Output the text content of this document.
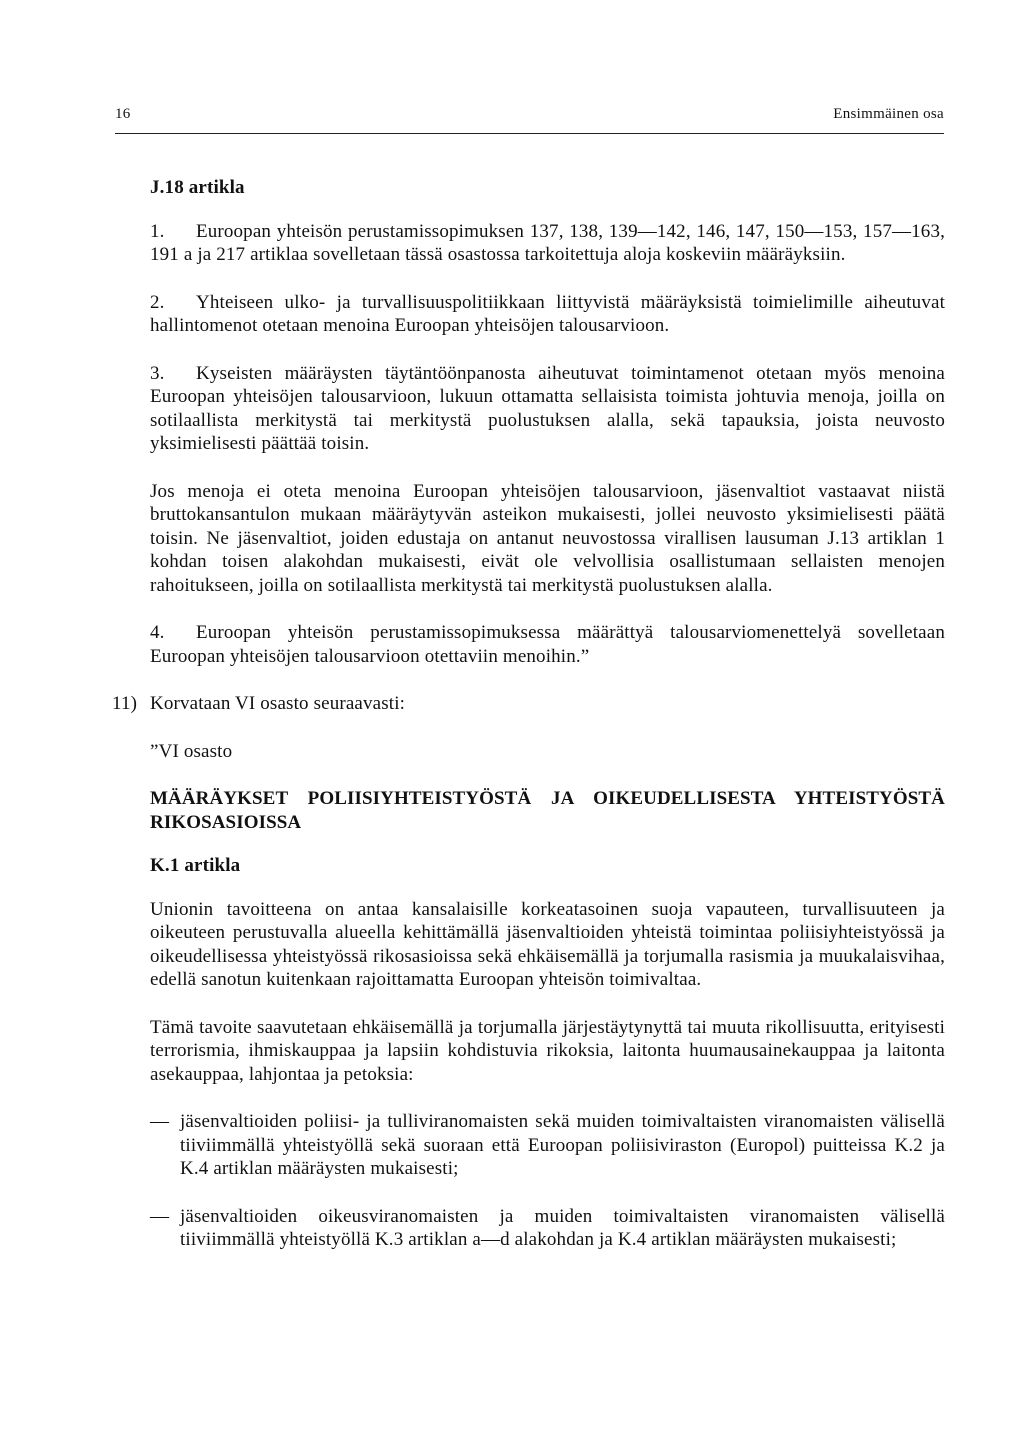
16	Ensimmäinen osa

J.18 artikla

1. Euroopan yhteisön perustamissopimuksen 137, 138, 139—142, 146, 147, 150—153, 157—163, 191 a ja 217 artiklaa sovelletaan tässä osastossa tarkoitettuja aloja koskeviin määräyksiin.

2. Yhteiseen ulko- ja turvallisuuspolitiikkaan liittyvistä määräyksistä toimielimille aiheutuvat hallintomenot otetaan menoina Euroopan yhteisöjen talousarvioon.

3. Kyseisten määräysten täytäntöönpanosta aiheutuvat toimintamenot otetaan myös menoina Euroopan yhteisöjen talousarvioon, lukuun ottamatta sellaisista toimista johtuvia menoja, joilla on sotilaallista merkitystä tai merkitystä puolustuksen alalla, sekä tapauksia, joista neuvosto yksimielisesti päättää toisin.

Jos menoja ei oteta menoina Euroopan yhteisöjen talousarvioon, jäsenvaltiot vastaavat niistä bruttokansantulon mukaan määräytyvän asteikon mukaisesti, jollei neuvosto yksimielisesti päätä toisin. Ne jäsenvaltiot, joiden edustaja on antanut neuvostossa virallisen lausuman J.13 artiklan 1 kohdan toisen alakohdan mukaisesti, eivät ole velvollisia osallistumaan sellaisten menojen rahoitukseen, joilla on sotilaallista merkitystä tai merkitystä puolustuksen alalla.

4. Euroopan yhteisön perustamissopimuksessa määrättyä talousarviomenettelyä sovelletaan Euroopan yhteisöjen talousarvioon otettaviin menoihin.”

11) Korvataan VI osasto seuraavasti:

”VI osasto

MÄÄRÄYKSET POLIISIYHTEISTYÖSTÄ JA OIKEUDELLISESTA YHTEISTYÖSTÄ RIKOSASIOISSA

K.1 artikla

Unionin tavoitteena on antaa kansalaisille korkeatasoinen suoja vapauteen, turvallisuuteen ja oikeuteen perustuvalla alueella kehittämällä jäsenvaltioiden yhteistä toimintaa poliisiyhteistyössä ja oikeudellisessa yhteistyössä rikosasioissa sekä ehkäisemällä ja torjumalla rasismia ja muukalaisvihaa, edellä sanotun kuitenkaan rajoittamatta Euroopan yhteisön toimivaltaa.

Tämä tavoite saavutetaan ehkäisemällä ja torjumalla järjestäytynyttä tai muuta rikollisuutta, erityisesti terrorismia, ihmiskauppaa ja lapsiin kohdistuvia rikoksia, laitonta huumausainekauppaa ja laitonta asekauppaa, lahjontaa ja petoksia:

— jäsenvaltioiden poliisi- ja tulliviranomaisten sekä muiden toimivaltaisten viranomaisten välisellä tiiviimmällä yhteistyöllä sekä suoraan että Euroopan poliisiviraston (Europol) puitteissa K.2 ja K.4 artiklan määräysten mukaisesti;
— jäsenvaltioiden oikeusviranomaisten ja muiden toimivaltaisten viranomaisten välisellä tiiviimmällä yhteistyöllä K.3 artiklan a—d alakohdan ja K.4 artiklan määräysten mukaisesti;
